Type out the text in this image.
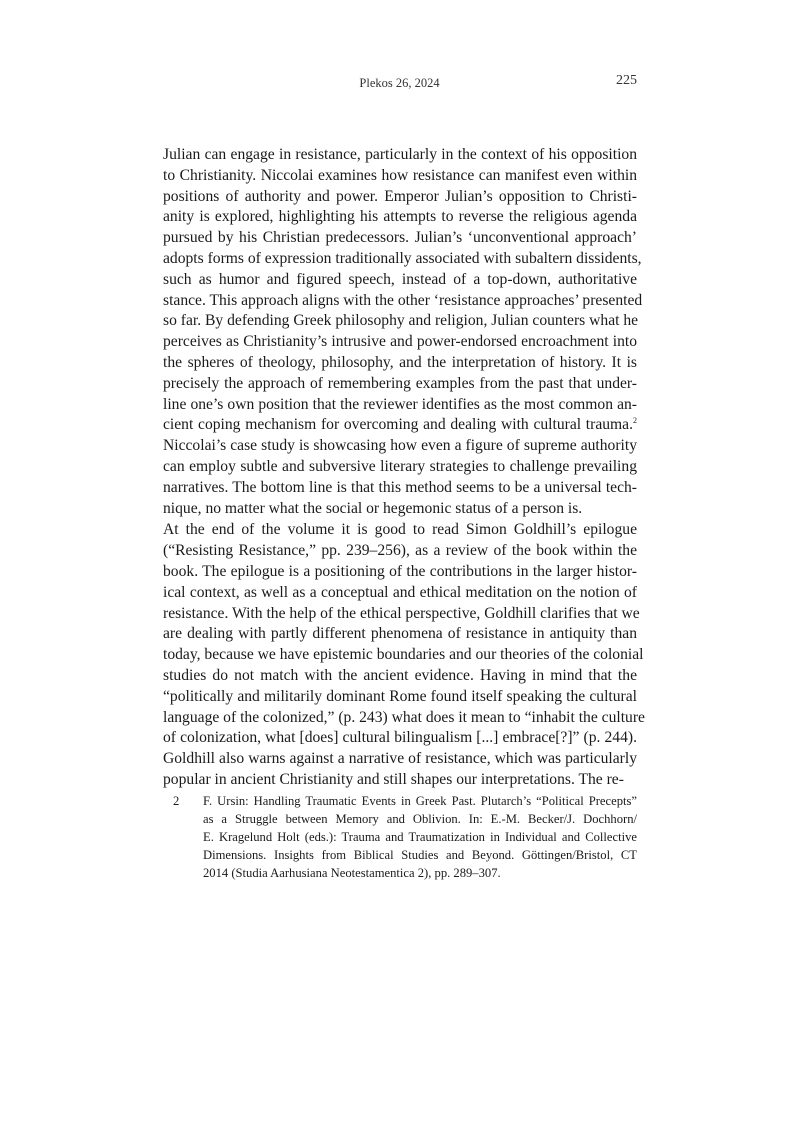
Plekos 26, 2024	225
Julian can engage in resistance, particularly in the context of his opposition
to Christianity. Niccolai examines how resistance can manifest even within
positions of authority and power. Emperor Julian’s opposition to Christi-
anity is explored, highlighting his attempts to reverse the religious agenda
pursued by his Christian predecessors. Julian’s ‘unconventional approach’
adopts forms of expression traditionally associated with subaltern dissidents,
such as humor and figured speech, instead of a top-down, authoritative
stance. This approach aligns with the other ‘resistance approaches’ presented
so far. By defending Greek philosophy and religion, Julian counters what he
perceives as Christianity’s intrusive and power-endorsed encroachment into
the spheres of theology, philosophy, and the interpretation of history. It is
precisely the approach of remembering examples from the past that under-
line one’s own position that the reviewer identifies as the most common an-
cient coping mechanism for overcoming and dealing with cultural trauma.$^2$
Niccolai’s case study is showcasing how even a figure of supreme authority
can employ subtle and subversive literary strategies to challenge prevailing
narratives. The bottom line is that this method seems to be a universal tech-
nique, no matter what the social or hegemonic status of a person is.
At the end of the volume it is good to read Simon Goldhill’s epilogue
(“Resisting Resistance,” pp. 239–256), as a review of the book within the
book. The epilogue is a positioning of the contributions in the larger histor-
ical context, as well as a conceptual and ethical meditation on the notion of
resistance. With the help of the ethical perspective, Goldhill clarifies that we
are dealing with partly different phenomena of resistance in antiquity than
today, because we have epistemic boundaries and our theories of the colonial
studies do not match with the ancient evidence. Having in mind that the
“politically and militarily dominant Rome found itself speaking the cultural
language of the colonized,” (p. 243) what does it mean to “inhabit the culture
of colonization, what [does] cultural bilingualism [...] embrace[?]” (p. 244).
Goldhill also warns against a narrative of resistance, which was particularly
popular in ancient Christianity and still shapes our interpretations. The re-
2 F. Ursin: Handling Traumatic Events in Greek Past. Plutarch’s “Political Precepts”
as a Struggle between Memory and Oblivion. In: E.-M. Becker/J. Dochhorn/
E. Kragelund Holt (eds.): Trauma and Traumatization in Individual and Collective
Dimensions. Insights from Biblical Studies and Beyond. Göttingen/Bristol, CT
2014 (Studia Aarhusiana Neotestamentica 2), pp. 289–307.
